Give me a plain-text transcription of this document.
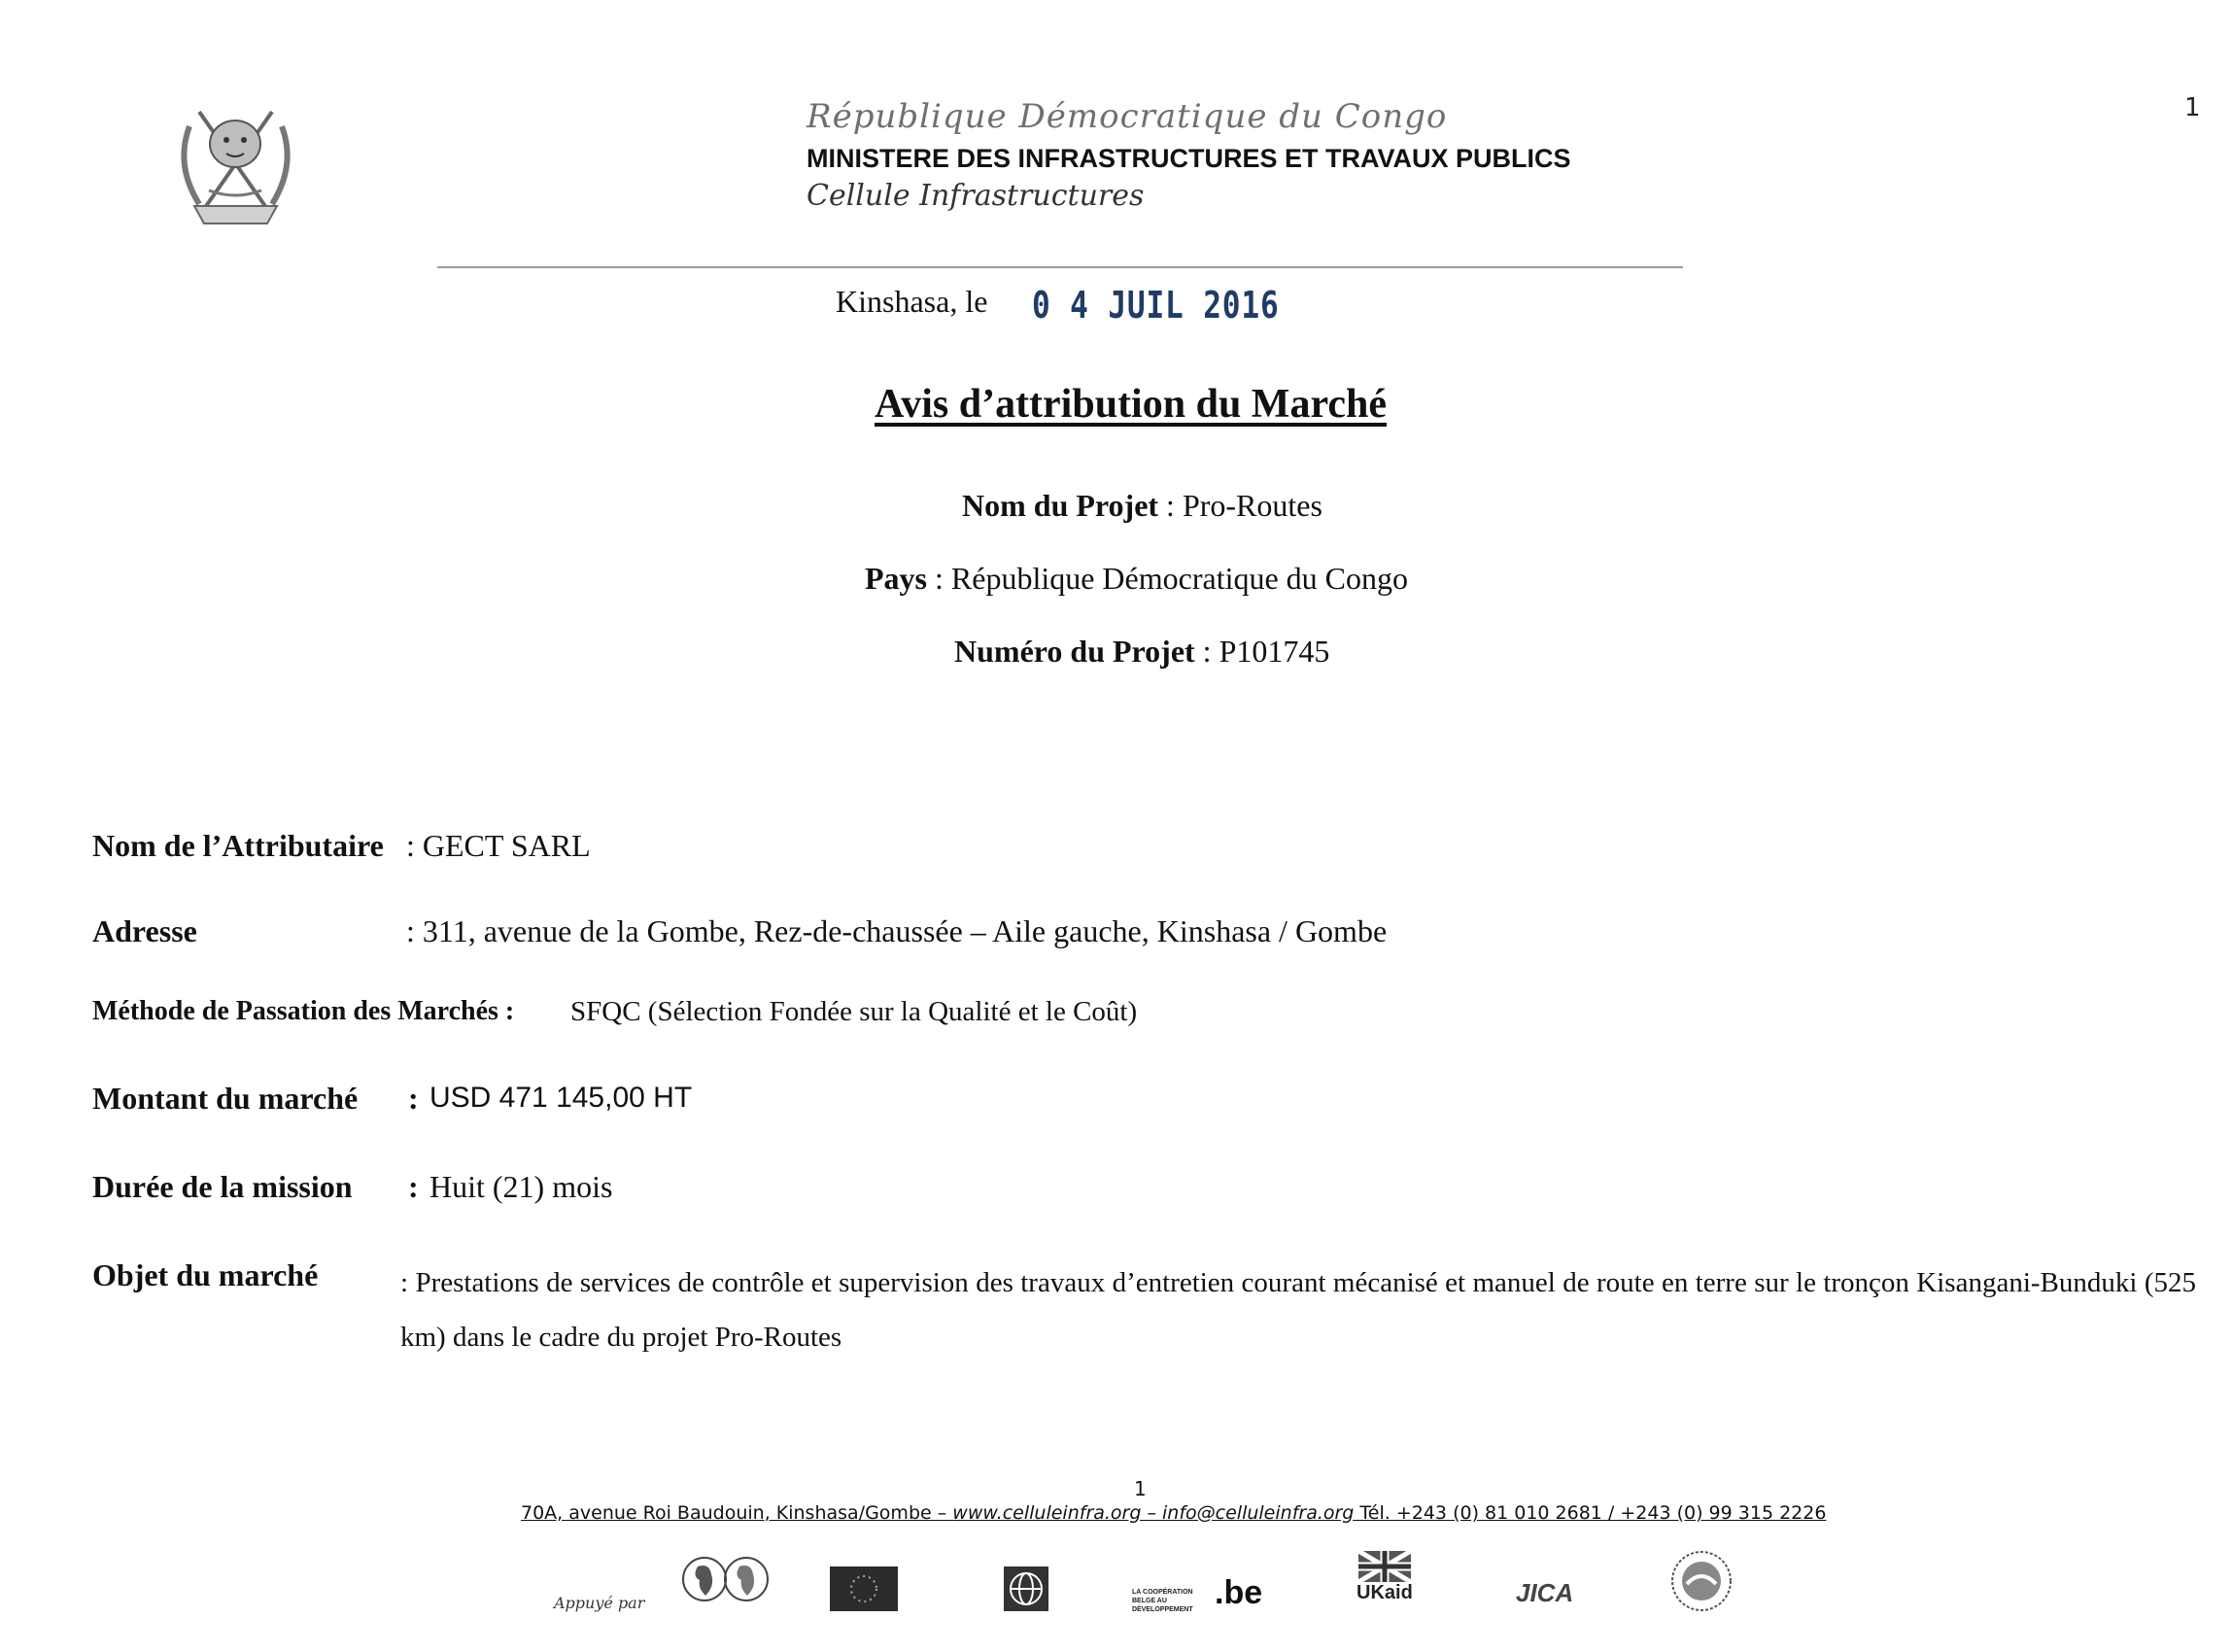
1
République Démocratique du Congo
MINISTERE DES INFRASTRUCTURES ET TRAVAUX PUBLICS
Cellule Infrastructures
Kinshasa, le 0 4 JUIL 2016
Avis d’attribution du Marché
Nom du Projet : Pro-Routes
Pays : République Démocratique du Congo
Numéro du Projet : P101745
Nom de l’Attributaire : GECT SARL
Adresse	: 311, avenue de la Gombe, Rez-de-chaussée – Aile gauche, Kinshasa / Gombe
Méthode de Passation des Marchés : SFQC (Sélection Fondée sur la Qualité et le Coût)
Montant du marché : USD 471 145,00 HT
Durée de la mission : Huit (21) mois
Objet du marché	: Prestations de services de contrôle et supervision des travaux d’entretien courant mécanisé et manuel de route en terre sur le tronçon Kisangani-Bunduki (525 km) dans le cadre du projet Pro-Routes
1
70A, avenue Roi Baudouin, Kinshasa/Gombe – www.celluleinfra.org – info@celluleinfra.org Tél. +243 (0) 81 010 2681 / +243 (0) 99 315 2226
Appuyé par
LA COOPÉRATION BELGE AU DÉVELOPPEMENT .be	UKaid	JICA
